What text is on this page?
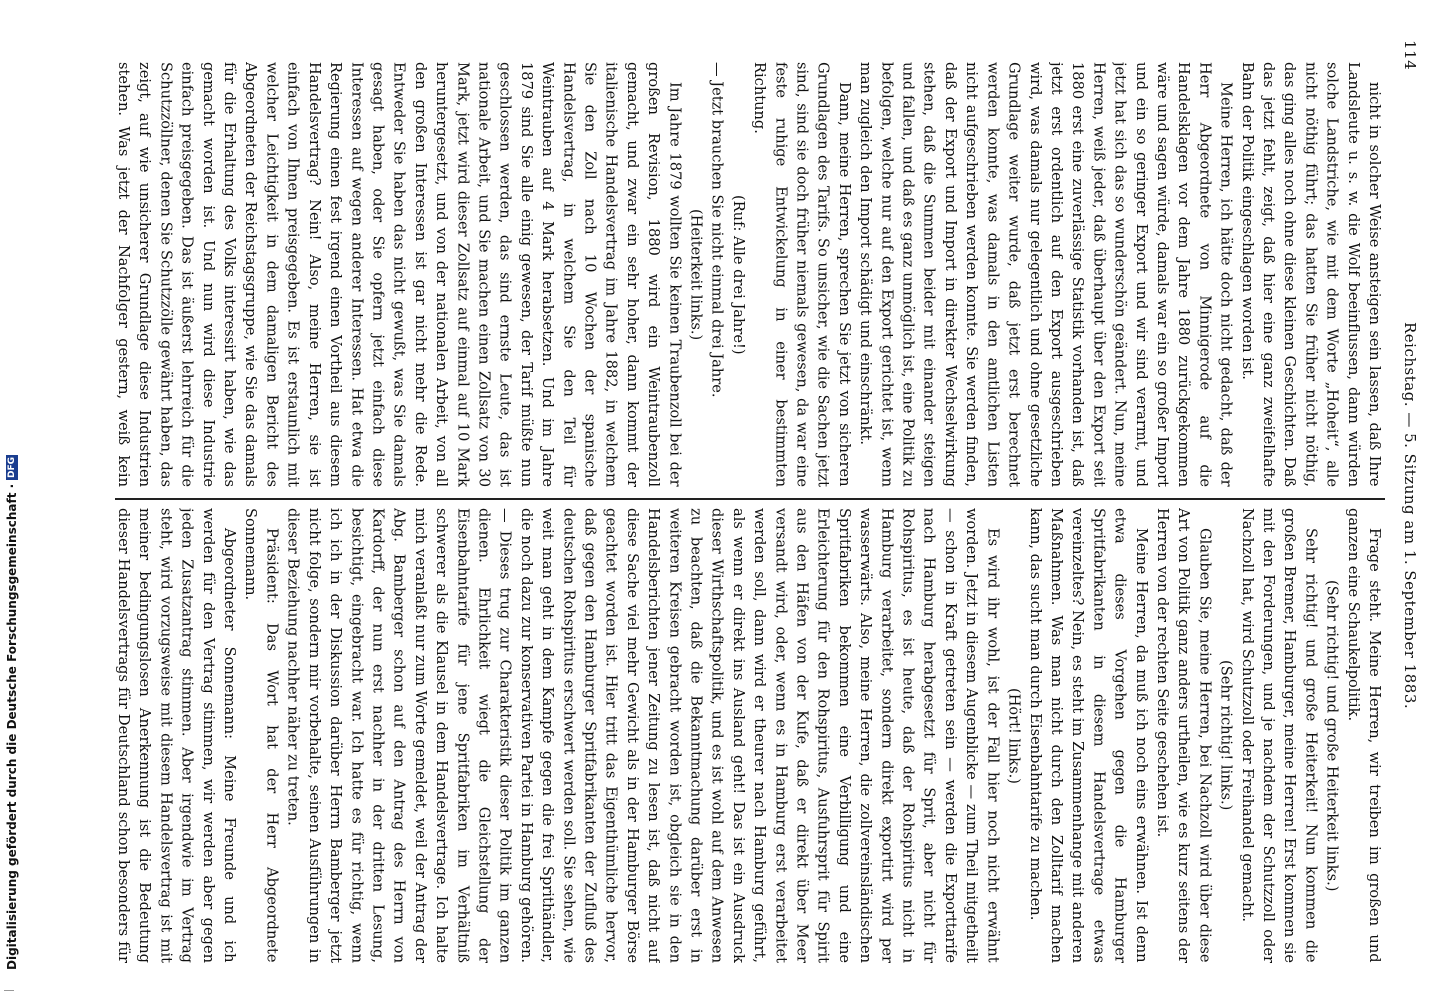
114
Reichstag. — 5. Sitzung am 1. September 1883.

nicht in solcher Weise ansteigen sein lassen, daß Ihre Landsleute u. s. w. die Wolf beeinflussen, dann würden solche Landstriche, wie mit dem Worte „Hoheit“, alle nicht nöthig führt; das hatten Sie früher nicht nöthig, das ging alles noch ohne diese kleinen Geschichten. Daß das jetzt fehlt, zeigt, daß hier eine ganz zweifelhafte Bahn der Politik eingeschlagen worden ist.

Meine Herren, ich hätte doch nicht gedacht, daß der Herr Abgeordnete von Minnigerode auf die Handelsklagen vor dem Jahre 1880 zurückgekommen wäre und sagen würde, damals war ein so großer Import und ein so geringer Export und wir sind verarmt, und jetzt hat sich das so wunderschön geändert. Nun, meine Herren, weiß jeder, daß überhaupt über den Export seit 1880 erst eine zuverlässige Statistik vorhanden ist, daß jetzt erst ordentlich auf den Export ausgeschrieben wird, was damals nur gelegentlich und ohne gesetzliche Grundlage weiter wurde, daß jetzt erst berechnet werden konnte, was damals in den amtlichen Listen nicht aufgeschrieben werden konnte. Sie werden finden, daß der Export und Import in direkter Wechselwirkung stehen, daß die Summen beider mit einander steigen und fallen, und daß es ganz unmöglich ist, eine Politik zu befolgen, welche nur auf den Export gerichtet ist, wenn man zugleich den Import schädigt und einschränkt.

Dann, meine Herren, sprechen Sie jetzt von sicheren Grundlagen des Tarifs. So unsicher, wie die Sachen jetzt sind, sind sie doch früher niemals gewesen, da war eine feste ruhige Entwickelung in einer bestimmten Richtung.

(Ruf: Alle drei Jahre!)

— Jetzt brauchen Sie nicht einmal drei Jahre.

(Heiterkeit links.)

Im Jahre 1879 wollten Sie keinen Traubenzoll bei der großen Revision, 1880 wird ein Weintraubenzoll gemacht, und zwar ein sehr hoher, dann kommt der italienische Handelsvertrag im Jahre 1882, in welchem Sie den Zoll nach 10 Wochen der spanische Handelsvertrag, in welchem Sie den Teil für Weintrauben auf 4 Mark herabsetzen. Und im Jahre 1879 sind Sie alle einig gewesen, der Tarif müßte nun geschlossen werden, das sind ernste Leute, das ist nationale Arbeit, und Sie machen einen Zollsatz von 30 Mark, jetzt wird dieser Zollsatz auf einmal auf 10 Mark heruntergesetzt, und von der nationalen Arbeit, von all den großen Interessen ist gar nicht mehr die Rede. Entweder Sie haben das nicht gewußt, was Sie damals gesagt haben, oder Sie opfern jetzt einfach diese Interessen auf wegen anderer Interessen. Hat etwa die Regierung einen fest irgend einen Vortheil aus diesem Handelsvertrag? Nein! Also, meine Herren, sie ist einfach von Ihnen preisgegeben. Es ist erstaunlich mit welcher Leichtigkeit in dem damaligen Bericht des Abgeordneten der Reichstagsgruppe, wie Sie das damals für die Erhaltung des Volks interessirt haben, wie das gemacht worden ist. Und nun wird diese Industrie einfach preisgegeben. Das ist äußerst lehrreich für die Schutzzöllner, denen Sie Schutzzölle gewährt haben, das zeigt, auf wie unsicherer Grundlage diese Industrien stehen. Was jetzt der Nachfolger gestern, weiß kein

Frage steht. Meine Herren, wir treiben im großen und ganzen eine Schaukelpolitik.

(Sehr richtig! und große Heiterkeit links.)

Sehr richtig! und große Heiterkeit! Nun kommen die großen Bremer, Hamburger, meine Herren! Erst kommen sie mit den Forderungen, und je nachdem der Schutzzoll oder Nachzoll hat, wird Schutzzoll oder Freihandel gemacht.

(Sehr richtig! links.)

Glauben Sie, meine Herren, bei Nachzoll wird über diese Art von Politik ganz anders urtheilen, wie es kurz seitens der Herren von der rechten Seite geschehen ist.

Meine Herren, da muß ich noch eins erwähnen. Ist denn etwa dieses Vorgehen gegen die Hamburger Spritfabrikanten in diesem Handelsvertrage etwas vereinzeltes? Nein, es steht im Zusammenhange mit anderen Maßnahmen. Was man nicht durch den Zolltarif machen kann, das sucht man durch Eisenbahntarife zu machen.

(Hört! links.)

Es wird ihr wohl, ist der Fall hier noch nicht erwähnt worden. Jetzt in diesem Augenblicke — zum Theil mitgetheilt — schon in Kraft getreten sein — werden die Exporttarife nach Hamburg herabgesetzt für Sprit, aber nicht für Rohspiritus, es ist heute, daß der Rohspiritus nicht in Hamburg verarbeitet, sondern direkt exportirt wird per wasserwärts. Also, meine Herren, die zollvereinsländischen Spritfabriken bekommen eine Verbilligung und eine Erleichterung für den Rohspiritus, Ausfuhrsprit für Spirit aus den Häfen von der Kufe, daß er direkt über Meer versandt wird, oder, wenn es in Hamburg erst verarbeitet werden soll, dann wird er theurer nach Hamburg geführt, als wenn er direkt ins Ausland geht! Das ist ein Ausdruck dieser Wirthschaftspolitik, und es ist wohl auf dem Anwesen zu beachten, daß die Bekanntmachung darüber erst in weiteren Kreisen gebracht worden ist, obgleich sie in den Handelsberichten jener Zeitung zu lesen ist, daß nicht auf diese Sache viel mehr Gewicht als in der Hamburger Börse geachtet worden ist. Hier tritt das Eigenthümliche hervor, daß gegen den Hamburger Spritfabrikanten der Zufluß des deutschen Rohspiritus erschwert werden soll. Sie sehen, wie weit man geht in dem Kampfe gegen die frei Sprithändler, die noch dazu zur konservativen Partei in Hamburg gehören. — Dieses trug zur Charakteristik dieser Politik im ganzen dienen. Ehrlichkeit wiegt die Gleichstellung der Eisenbahntarife für jene Spritfabriken im Verhältniß schwerer als die Klausel in dem Handelsvertrage. Ich halte mich veranlaßt nur zum Worte gemeldet, weil der Antrag der Abg. Bamberger schon auf den Antrag des Herrn von Kardorff, der nun erst nachher in der dritten Lesung, besichtigt, eingebracht war. Ich hatte es für richtig, wenn ich ich in der Diskussion darüber Herrn Bamberger jetzt nicht folge, sondern mir vorbehalte, seinen Ausführungen in dieser Beziehung nachher näher zu treten.

Präsident: Das Wort hat der Herr Abgeordnete Sonnemann.

Abgeordneter Sonnemann: Meine Freunde und ich werden für den Vertrag stimmen, wir werden aber gegen jeden Zusatzantrag stimmen. Aber irgendwie im Vertrag steht, wird vorzugsweise mit diesem Handelsvertrag ist mit meiner bedingungslosen Anerkennung ist die Bedeutung dieser Handelsvertrags für Deutschland schon besonders für

Digitalisierung gefördert durch die Deutsche Forschungsgemeinschaft ·
DFG
